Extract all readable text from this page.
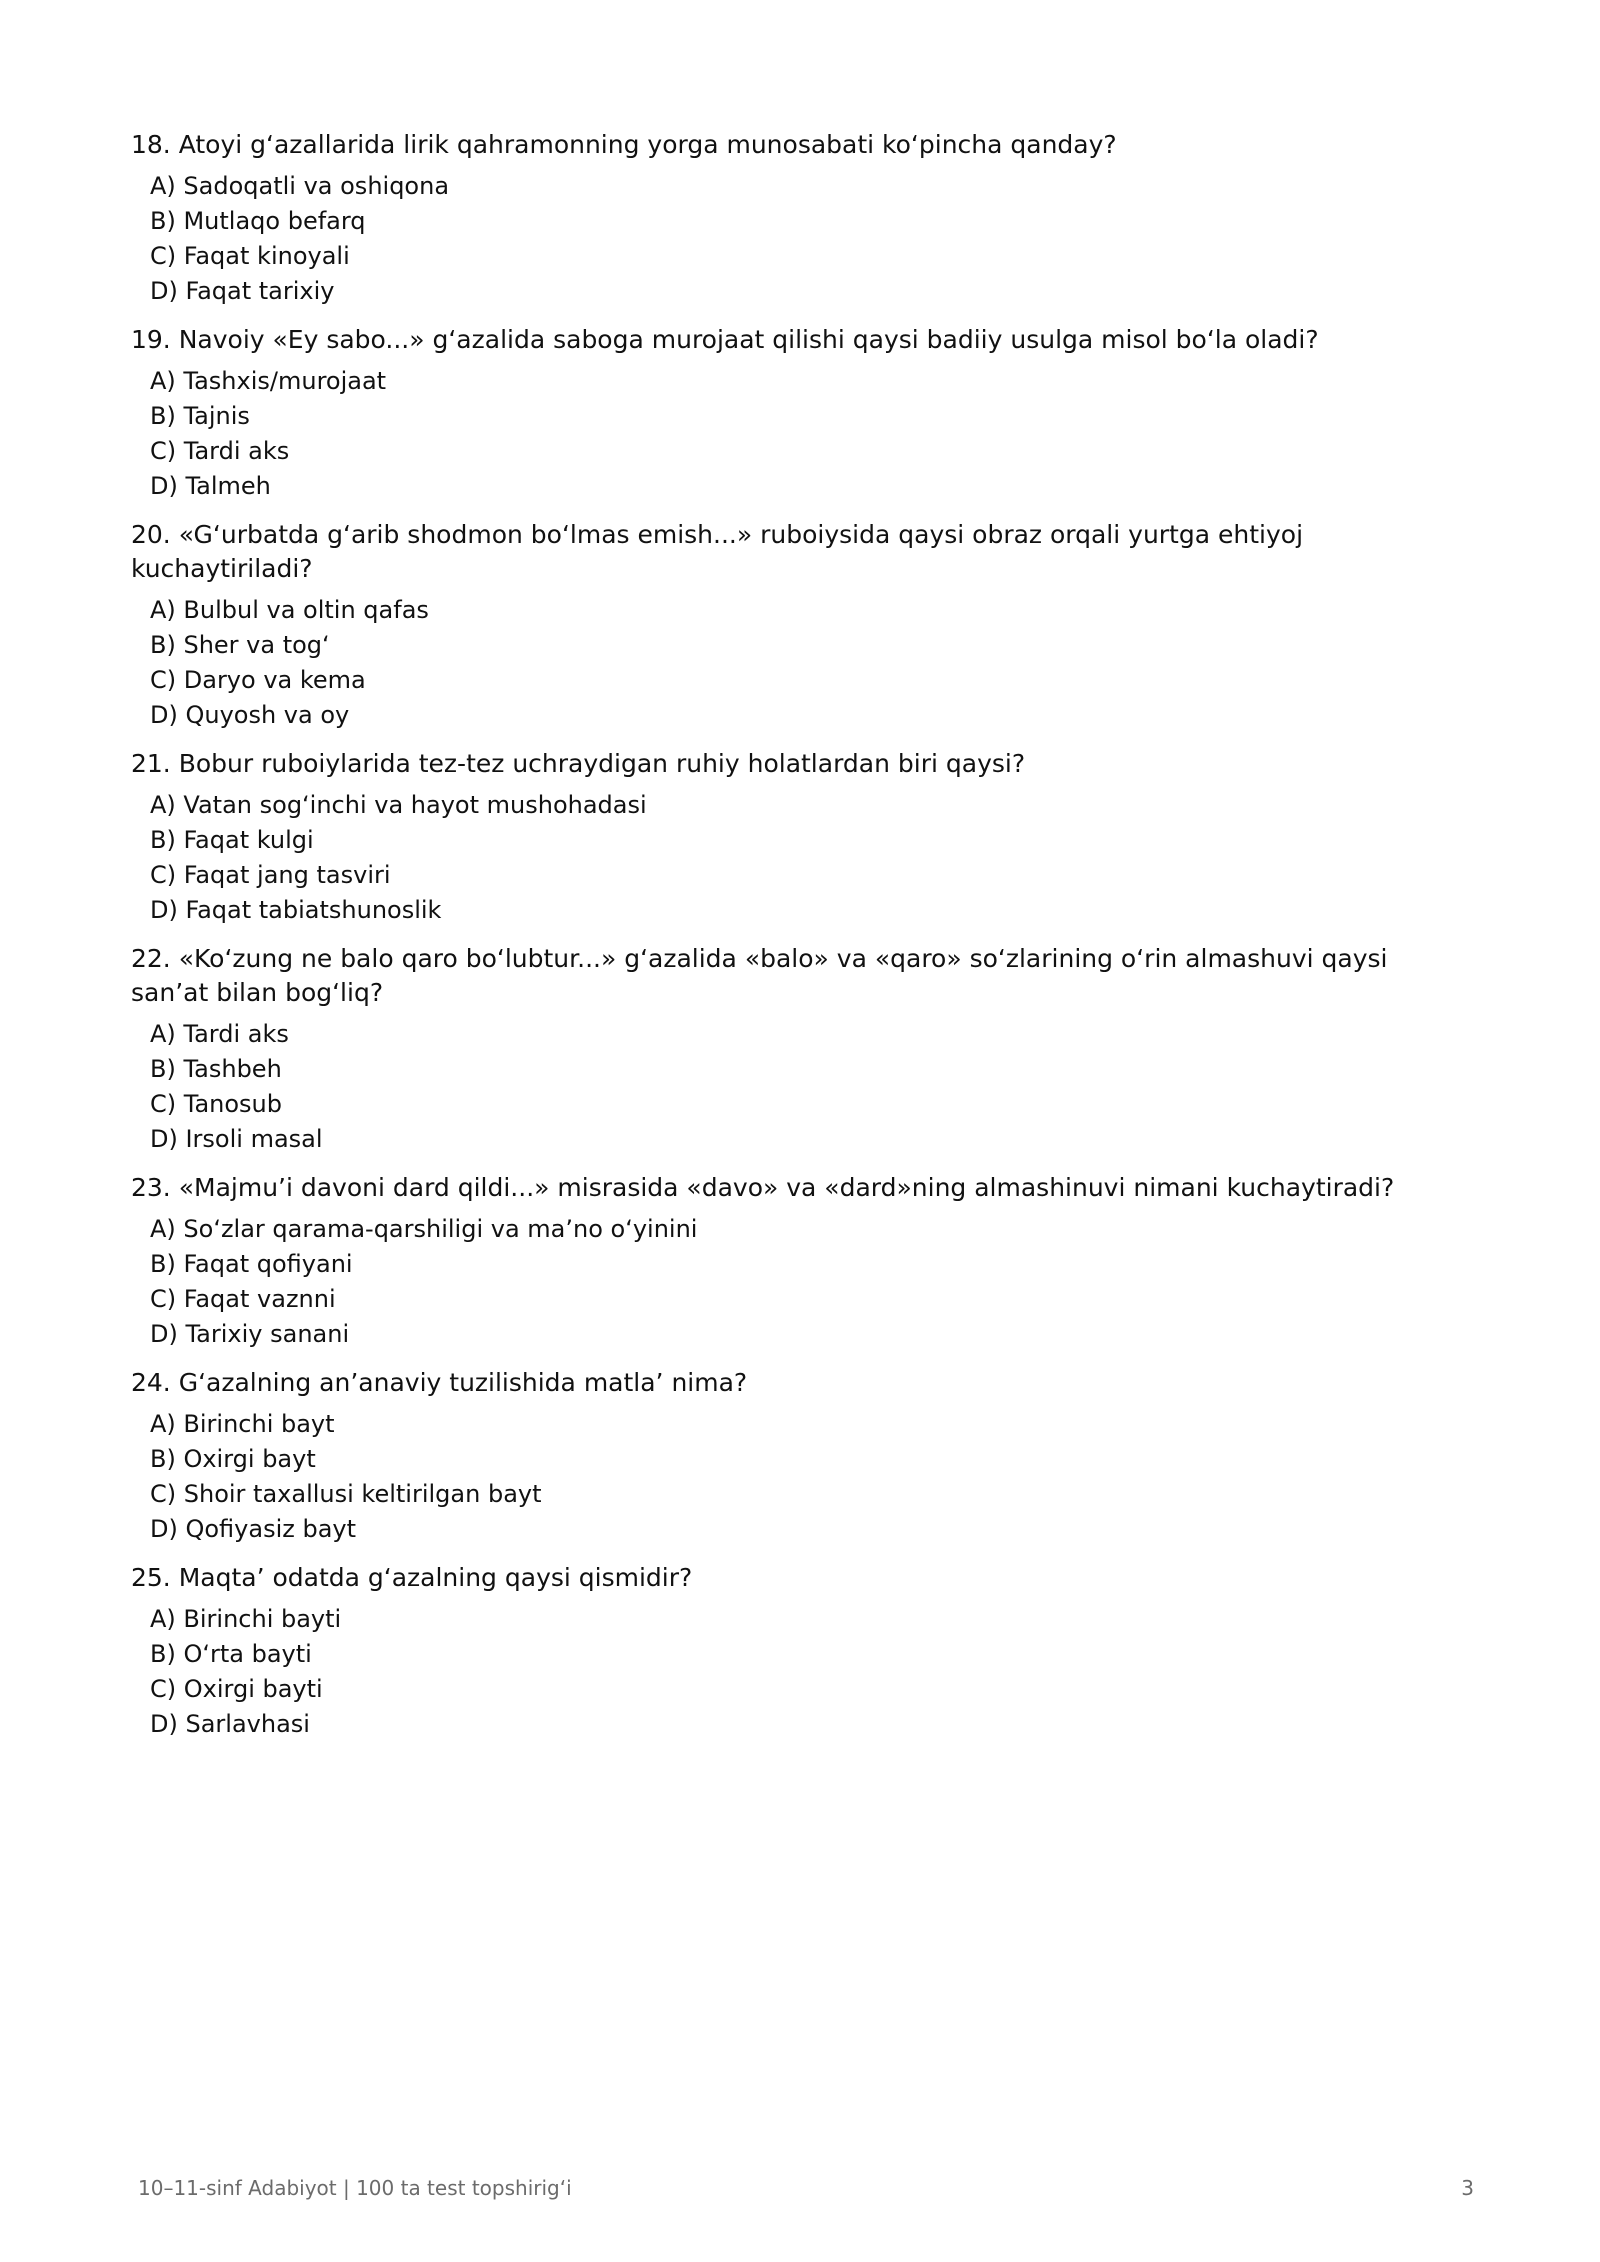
18. Atoyi g‘azallarida lirik qahramonning yorga munosabati ko‘pincha qanday?

A) Sadoqatli va oshiqona
B) Mutlaqo befarq
C) Faqat kinoyali
D) Faqat tarixiy

19. Navoiy «Ey sabo...» g‘azalida saboga murojaat qilishi qaysi badiiy usulga misol bo‘la oladi?

A) Tashxis/murojaat
B) Tajnis
C) Tardi aks
D) Talmeh

20. «G‘urbatda g‘arib shodmon bo‘lmas emish...» ruboiysida qaysi obraz orqali yurtga ehtiyoj kuchaytiriladi?

A) Bulbul va oltin qafas
B) Sher va tog‘
C) Daryo va kema
D) Quyosh va oy

21. Bobur ruboiylarida tez-tez uchraydigan ruhiy holatlardan biri qaysi?

A) Vatan sog‘inchi va hayot mushohadasi
B) Faqat kulgi
C) Faqat jang tasviri
D) Faqat tabiatshunoslik

22. «Ko‘zung ne balo qaro bo‘lubtur...» g‘azalida «balo» va «qaro» so‘zlarining o‘rin almashuvi qaysi san’at bilan bog‘liq?

A) Tardi aks
B) Tashbeh
C) Tanosub
D) Irsoli masal

23. «Majmu’i davoni dard qildi...» misrasida «davo» va «dard»ning almashinuvi nimani kuchaytiradi?

A) So‘zlar qarama-qarshiligi va ma’no o‘yinini
B) Faqat qofiyani
C) Faqat vaznni
D) Tarixiy sanani

24. G‘azalning an’anaviy tuzilishida matla’ nima?

A) Birinchi bayt
B) Oxirgi bayt
C) Shoir taxallusi keltirilgan bayt
D) Qofiyasiz bayt

25. Maqta’ odatda g‘azalning qaysi qismidir?

A) Birinchi bayti
B) O‘rta bayti
C) Oxirgi bayti
D) Sarlavhasi
10–11-sinf Adabiyot | 100 ta test topshirig‘i	3
